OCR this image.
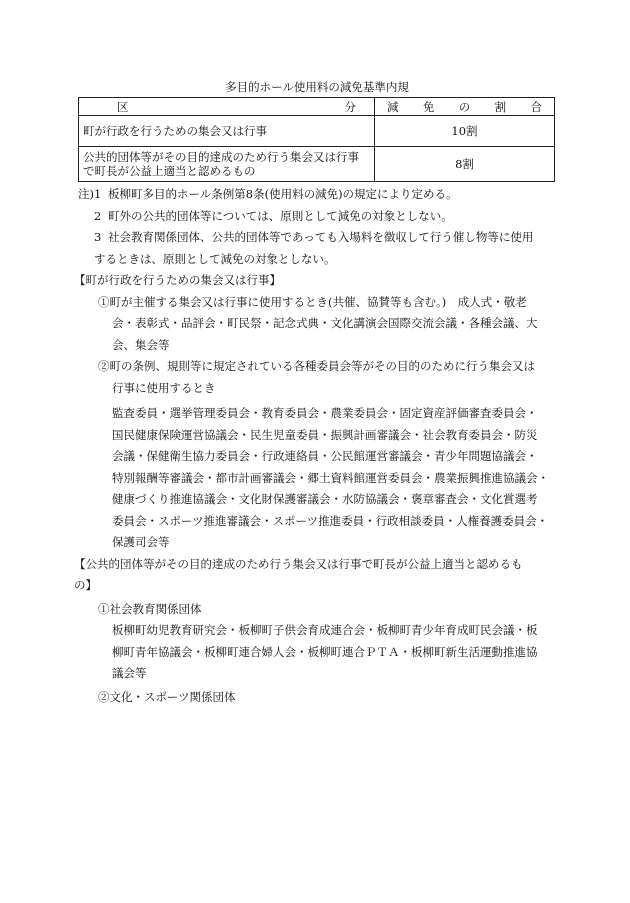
多目的ホール使用料の減免基準内規
区 分	減 免 の 割 合

町が行政を行うための集会又は行事	10割

公共的団体等がその目的達成のため行う集会又は行事
で町長が公益上適当と認めるもの	8割
注)1 板柳町多目的ホール条例第8条(使用料の減免)の規定により定める。
2 町外の公共的団体等については、原則として減免の対象としない。
3 社会教育関係団体、公共的団体等であっても入場料を徴収して行う催し物等に使用
するときは、原則として減免の対象としない。
【町が行政を行うための集会又は行事】
①町が主催する集会又は行事に使用するとき(共催、協賛等も含む。)　成人式・敬老
会・表彰式・品評会・町民祭・記念式典・文化講演会国際交流会議・各種会議、大
会、集会等
②町の条例、規則等に規定されている各種委員会等がその目的のために行う集会又は
行事に使用するとき
監査委員・選挙管理委員会・教育委員会・農業委員会・固定資産評価審査委員会・
国民健康保険運営協議会・民生児童委員・振興計画審議会・社会教育委員会・防災
会議・保健衛生協力委員会・行政連絡員・公民館運営審議会・青少年問題協議会・
特別報酬等審議会・都市計画審議会・郷土資料館運営委員会・農業振興推進協議会・
健康づくり推進協議会・文化財保護審議会・水防協議会・褒章審査会・文化賞選考
委員会・スポーツ推進審議会・スポーツ推進委員・行政相談委員・人権養護委員会・
保護司会等
【公共的団体等がその目的達成のため行う集会又は行事で町長が公益上適当と認めるも
の】
①社会教育関係団体
板柳町幼児教育研究会・板柳町子供会育成連合会・板柳町青少年育成町民会議・板
柳町青年協議会・板柳町連合婦人会・板柳町連合ＰＴＡ・板柳町新生活運動推進協
議会等
②文化・スポーツ関係団体
